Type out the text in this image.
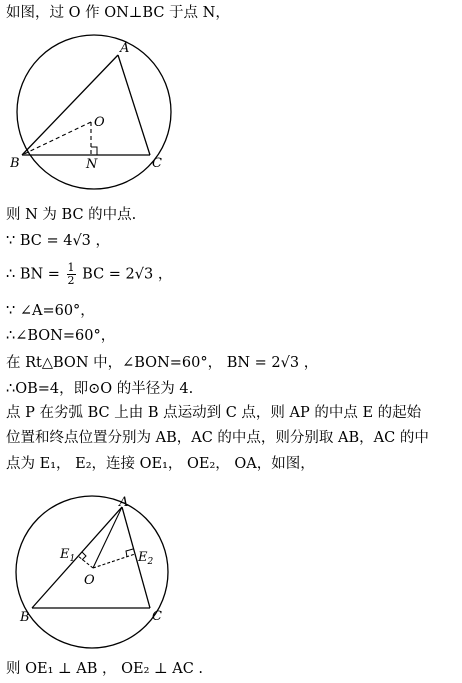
如图，过 O 作 ON⊥BC 于点 N，
A
O
B	N	C
则 N 为 BC 的中点.
∵ BC = 4√3 ，
∴ BN = $\frac{1}{2}$ BC = 2√3 ，
∵ ∠A=60°，
∴∠BON=60°，
在 Rt△BON 中，∠BON=60°， BN = 2√3 ，
∴OB=4，即⊙O 的半径为 4.
点 P 在劣弧 BC 上由 B 点运动到 C 点，则 AP 的中点 E 的起始
位置和终点位置分别为 AB，AC 的中点，则分别取 AB，AC 的中
点为 E₁， E₂，连接 OE₁， OE₂， OA，如图，
A
$E_1$	$E_2$
O
B	C
则 OE₁ ⊥ AB ， OE₂ ⊥ AC .
